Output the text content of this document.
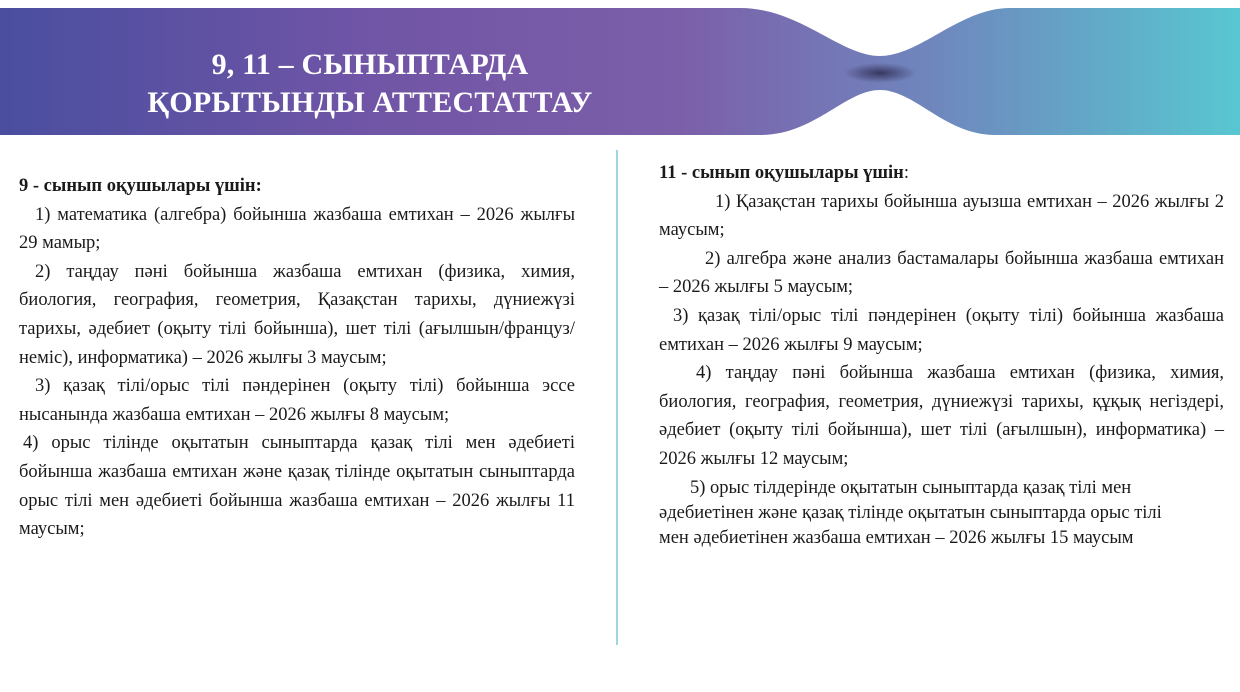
9, 11 – СЫНЫПТАРДА
ҚОРЫТЫНДЫ АТТЕСТАТТАУ
9 - сынып оқушылары үшін:
1) математика (алгебра) бойынша жазбаша емтихан – 2026 жылғы 29 мамыр;
2) таңдау пәні бойынша жазбаша емтихан (физика, химия, биология, география, геометрия, Қазақстан тарихы, дүниежүзі тарихы, әдебиет (оқыту тілі бойынша), шет тілі (ағылшын/француз/неміс), информатика) – 2026 жылғы 3 маусым;
3) қазақ тілі/орыс тілі пәндерінен (оқыту тілі) бойынша эссе нысанында жазбаша емтихан – 2026 жылғы 8 маусым;
4) орыс тілінде оқытатын сыныптарда қазақ тілі мен әдебиеті бойынша жазбаша емтихан және қазақ тілінде оқытатын сыныптарда орыс тілі мен әдебиеті бойынша жазбаша емтихан – 2026 жылғы 11 маусым;
11 - сынып оқушылары үшін:
1) Қазақстан тарихы бойынша ауызша емтихан – 2026 жылғы 2 маусым;
2) алгебра және анализ бастамалары бойынша жазбаша емтихан – 2026 жылғы 5 маусым;
3) қазақ тілі/орыс тілі пәндерінен (оқыту тілі) бойынша жазбаша емтихан – 2026 жылғы 9 маусым;
4) таңдау пәні бойынша жазбаша емтихан (физика, химия, биология, география, геометрия, дүниежүзі тарихы, құқық негіздері, әдебиет (оқыту тілі бойынша), шет тілі (ағылшын), информатика) – 2026 жылғы 12 маусым;
5) орыс тілдерінде оқытатын сыныптарда қазақ тілі мен әдебиетінен және қазақ тілінде оқытатын сыныптарда орыс тілі мен әдебиетінен жазбаша емтихан – 2026 жылғы 15 маусым
